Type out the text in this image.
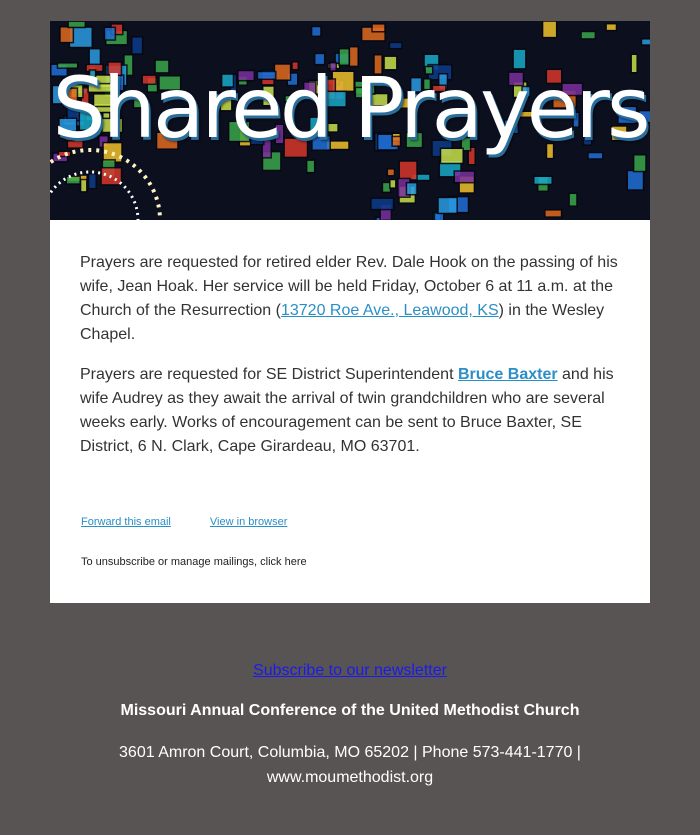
Shared Prayers

Prayers are requested for retired elder Rev. Dale Hook on the passing of his wife, Jean Hoak. Her service will be held Friday, October 6 at 11 a.m. at the Church of the Resurrection (13720 Roe Ave., Leawood, KS) in the Wesley Chapel.

Prayers are requested for SE District Superintendent Bruce Baxter and his wife Audrey as they await the arrival of twin grandchildren who are several weeks early. Works of encouragement can be sent to Bruce Baxter, SE District, 6 N. Clark, Cape Girardeau, MO 63701.

Forward this email	View in browser
To unsubscribe or manage mailings, click here
Subscribe to our newsletter
Missouri Annual Conference of the United Methodist Church
3601 Amron Court, Columbia, MO 65202 | Phone 573-441-1770 |
www.moumethodist.org
